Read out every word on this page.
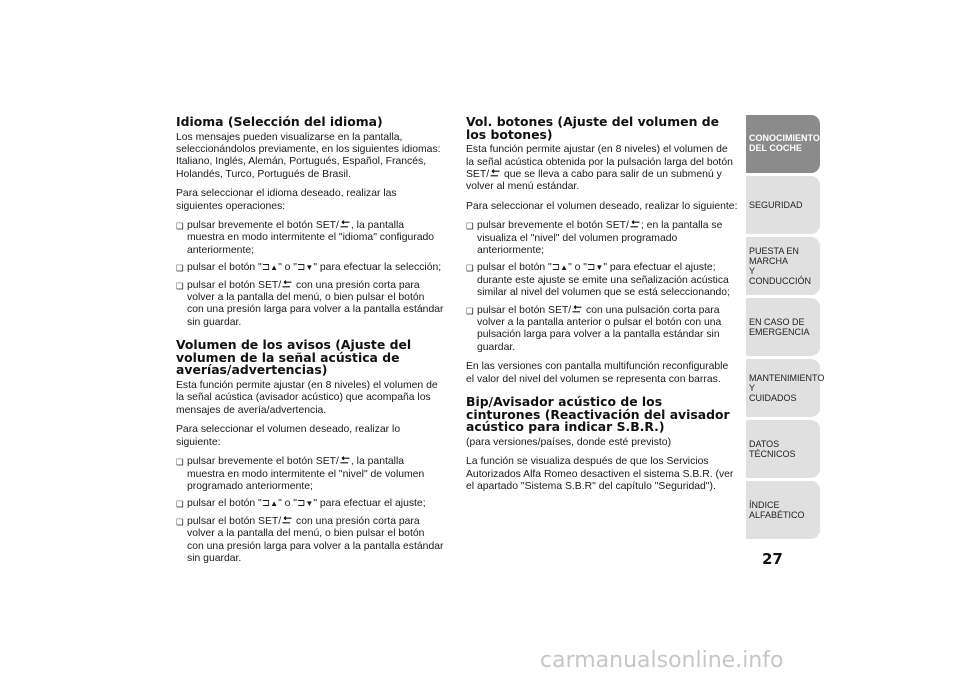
Idioma (Selección del idioma)

Los mensajes pueden visualizarse en la pantalla, seleccionándolos previamente, en los siguientes idiomas: Italiano, Inglés, Alemán, Portugués, Español, Francés, Holandés, Turco, Portugués de Brasil.

Para seleccionar el idioma deseado, realizar las siguientes operaciones:

❑ pulsar brevemente el botón SET/ , la pantalla muestra en modo intermitente el "idioma" configurado anteriormente;
❑ pulsar el botón "⊐▲" o "⊐▼" para efectuar la selección;
❑ pulsar el botón SET/
con una presión corta para volver a la pantalla del menú, o bien pulsar el botón con una presión larga para volver a la pantalla estándar sin guardar.
Volumen de los avisos (Ajuste del volumen de la señal acústica de averías/advertencias)

Esta función permite ajustar (en 8 niveles) el volumen de la señal acústica (avisador acústico) que acompaña los mensajes de avería/advertencia.

Para seleccionar el volumen deseado, realizar lo siguiente:

❑ pulsar brevemente el botón SET/ , la pantalla muestra en modo intermitente el "nivel" de volumen programado anteriormente;
❑ pulsar el botón "⊐▲" o "⊐▼" para efectuar el ajuste;
❑ pulsar el botón SET/
con una presión corta para volver a la pantalla del menú, o bien pulsar el botón con una presión larga para volver a la pantalla estándar sin guardar.
Vol. botones (Ajuste del volumen de los botones)

Esta función permite ajustar (en 8 niveles) el volumen de la señal acústica obtenida por la pulsación larga del botón SET/
que se lleva a cabo para salir de un submenú y volver al menú estándar.

Para seleccionar el volumen deseado, realizar lo siguiente:

❑ pulsar brevemente el botón SET/ ; en la pantalla se visualiza el "nivel" del volumen programado anteriormente;
❑ pulsar el botón "⊐▲" o "⊐▼" para efectuar el ajuste; durante este ajuste se emite una señalización acústica similar al nivel del volumen que se está seleccionando;
❑ pulsar el botón SET/
con una pulsación corta para volver a la pantalla anterior o pulsar el botón con una pulsación larga para volver a la pantalla estándar sin guardar.

En las versiones con pantalla multifunción reconfigurable el valor del nivel del volumen se representa con barras.

Bip/Avisador acústico de los cinturones (Reactivación del avisador acústico para indicar S.B.R.)
(para versiones/países, donde esté previsto)

La función se visualiza después de que los Servicios Autorizados Alfa Romeo desactiven el sistema S.B.R. (ver el apartado "Sistema S.B.R" del capítulo "Seguridad").

CONOCIMIENTO
DEL COCHE
SEGURIDAD
PUESTA EN MARCHA
Y CONDUCCIÓN
EN CASO DE
EMERGENCIA
MANTENIMIENTO Y
CUIDADOS
DATOS TÉCNICOS
ÍNDICE ALFABÉTICO
27
carmanualsonline.info
